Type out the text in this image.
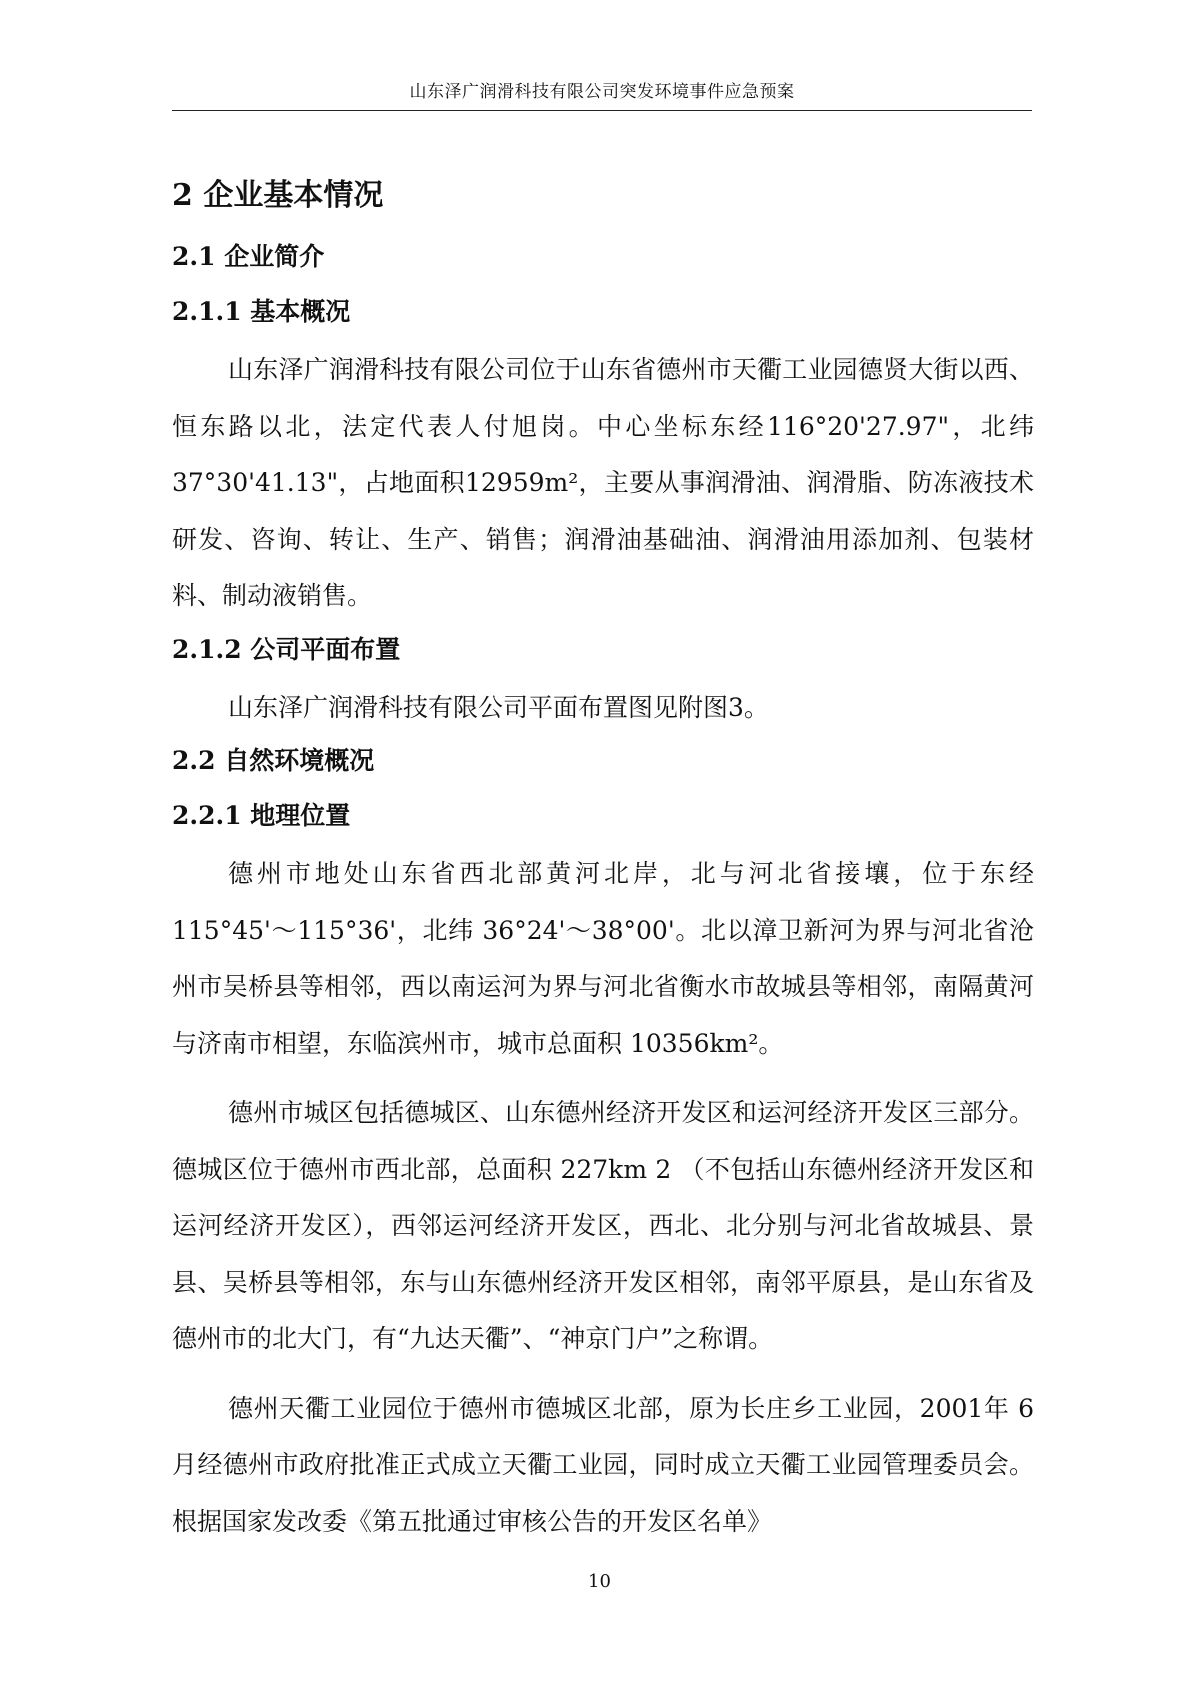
山东泽广润滑科技有限公司突发环境事件应急预案
2 企业基本情况
2.1 企业简介
2.1.1 基本概况

山东泽广润滑科技有限公司位于山东省德州市天衢工业园德贤大街以西、恒东路以北，法定代表人付旭岗。中心坐标东经116°20'27.97"，北纬37°30'41.13"，占地面积12959m²，主要从事润滑油、润滑脂、防冻液技术研发、咨询、转让、生产、销售；润滑油基础油、润滑油用添加剂、包装材料、制动液销售。

2.1.2 公司平面布置

山东泽广润滑科技有限公司平面布置图见附图3。

2.2 自然环境概况
2.2.1 地理位置

德州市地处山东省西北部黄河北岸，北与河北省接壤，位于东经115°45'～115°36'，北纬 36°24'～38°00'。北以漳卫新河为界与河北省沧州市吴桥县等相邻，西以南运河为界与河北省衡水市故城县等相邻，南隔黄河与济南市相望，东临滨州市，城市总面积 10356km²。

德州市城区包括德城区、山东德州经济开发区和运河经济开发区三部分。德城区位于德州市西北部，总面积 227km 2 （不包括山东德州经济开发区和运河经济开发区），西邻运河经济开发区，西北、北分别与河北省故城县、景县、吴桥县等相邻，东与山东德州经济开发区相邻，南邻平原县，是山东省及德州市的北大门，有“九达天衢”、“神京门户”之称谓。

德州天衢工业园位于德州市德城区北部，原为长庄乡工业园，2001年 6 月经德州市政府批准正式成立天衢工业园，同时成立天衢工业园管理委员会。根据国家发改委《第五批通过审核公告的开发区名单》

10
